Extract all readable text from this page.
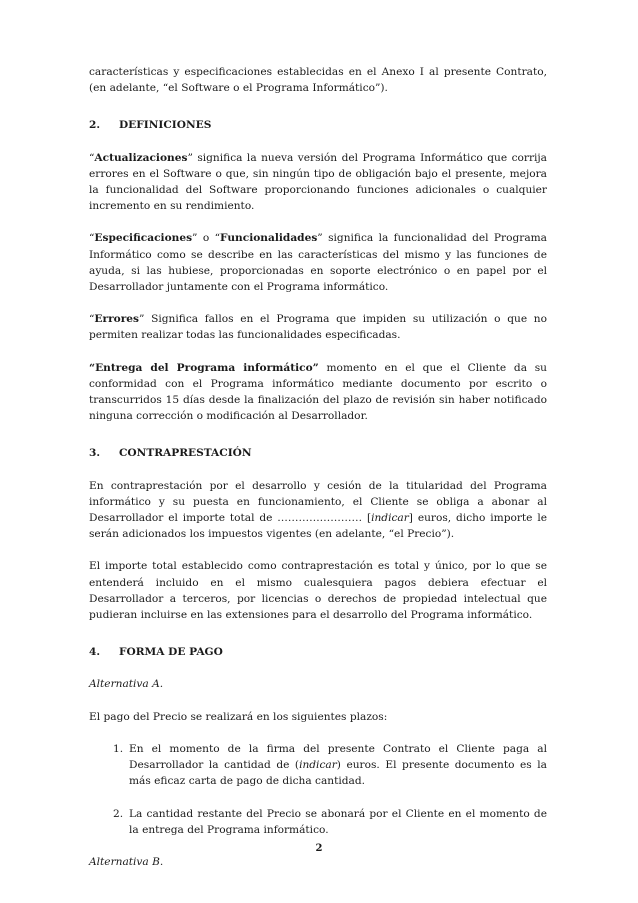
características y especificaciones establecidas en el Anexo I al presente Contrato, (en adelante, “el Software o el Programa Informático”).

2.	DEFINICIONES

“Actualizaciones” significa la nueva versión del Programa Informático que corrija errores en el Software o que, sin ningún tipo de obligación bajo el presente, mejora la funcionalidad del Software proporcionando funciones adicionales o cualquier incremento en su rendimiento.

“Especificaciones” o “Funcionalidades” significa la funcionalidad del Programa Informático como se describe en las características del mismo y las funciones de ayuda, si las hubiese, proporcionadas en soporte electrónico o en papel por el Desarrollador juntamente con el Programa informático.

“Errores” Significa fallos en el Programa que impiden su utilización o que no permiten realizar todas las funcionalidades especificadas.

“Entrega del Programa informático” momento en el que el Cliente da su conformidad con el Programa informático mediante documento por escrito o transcurridos 15 días desde la finalización del plazo de revisión sin haber notificado ninguna corrección o modificación al Desarrollador.

3.	CONTRAPRESTACIÓN

En contraprestación por el desarrollo y cesión de la titularidad del Programa informático y su puesta en funcionamiento, el Cliente se obliga a abonar al Desarrollador el importe total de …………………… [indicar] euros, dicho importe le serán adicionados los impuestos vigentes (en adelante, “el Precio”).

El importe total establecido como contraprestación es total y único, por lo que se entenderá incluido en el mismo cualesquiera pagos debiera efectuar el Desarrollador a terceros, por licencias o derechos de propiedad intelectual que pudieran incluirse en las extensiones para el desarrollo del Programa informático.

4.	FORMA DE PAGO

Alternativa A.

El pago del Precio se realizará en los siguientes plazos:

1. En el momento de la firma del presente Contrato el Cliente paga al Desarrollador la cantidad de (indicar) euros. El presente documento es la más eficaz carta de pago de dicha cantidad.
2. La cantidad restante del Precio se abonará por el Cliente en el momento de la entrega del Programa informático.

Alternativa B.

2
